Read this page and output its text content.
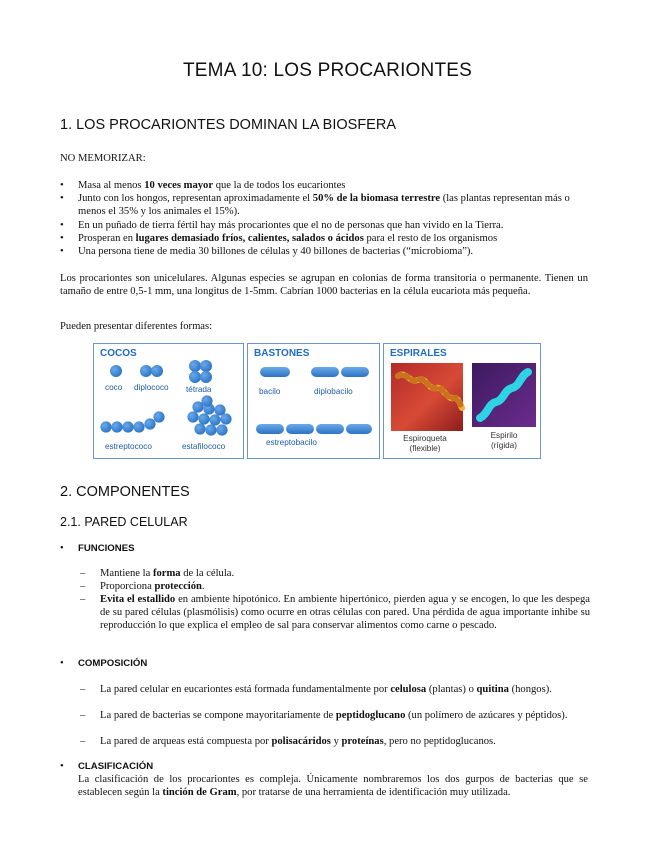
TEMA 10: LOS PROCARIONTES
1. LOS PROCARIONTES DOMINAN LA BIOSFERA
NO MEMORIZAR:
• Masa al menos 10 veces mayor que la de todos los eucariontes
• Junto con los hongos, representan aproximadamente el 50% de la biomasa terrestre (las plantas representan más o menos el 35% y los animales el 15%).
• En un puñado de tierra fértil hay más procariontes que el no de personas que han vivido en la Tierra.
• Prosperan en lugares demasiado fríos, calientes, salados o ácidos para el resto de los organismos
• Una persona tiene de media 30 billones de células y 40 billones de bacterias (“microbioma”).
Los procariontes son unicelulares. Algunas especies se agrupan en colonias de forma transitoria o permanente. Tienen un tamaño de entre 0,5-1 mm, una longitus de 1-5mm. Cabrían 1000 bacterias en la célula eucariota más pequeña.
Pueden presentar diferentes formas:
COCOS
coco diplococo tétrada
estreptococo	estafilococo
BASTONES
bacilo	diplobacilo
estreptobacilo
ESPIRALES
Espiroqueta
(flexible)
Espirilo
(rígida)
2. COMPONENTES
2.1. PARED CELULAR
• FUNCIONES
– Mantiene la forma de la célula.
– Proporciona protección.
– Evita el estallido en ambiente hipotónico. En ambiente hipertónico, pierden agua y se encogen, lo que les despega de su pared células (plasmólisis) como ocurre en otras células con pared. Una pérdida de agua importante inhibe su reproducción lo que explica el empleo de sal para conservar alimentos como carne o pescado.
• COMPOSICIÓN
– La pared celular en eucariontes está formada fundamentalmente por celulosa (plantas) o quitina (hongos).
– La pared de bacterias se compone mayoritariamente de peptidoglucano (un polímero de azúcares y péptidos).
– La pared de arqueas está compuesta por polisacáridos y proteínas, pero no peptidoglucanos.
• CLASIFICACIÓN
La clasificación de los procariontes es compleja. Únicamente nombraremos los dos gurpos de bacterias que se establecen según la tinción de Gram, por tratarse de una herramienta de identificación muy utilizada.
